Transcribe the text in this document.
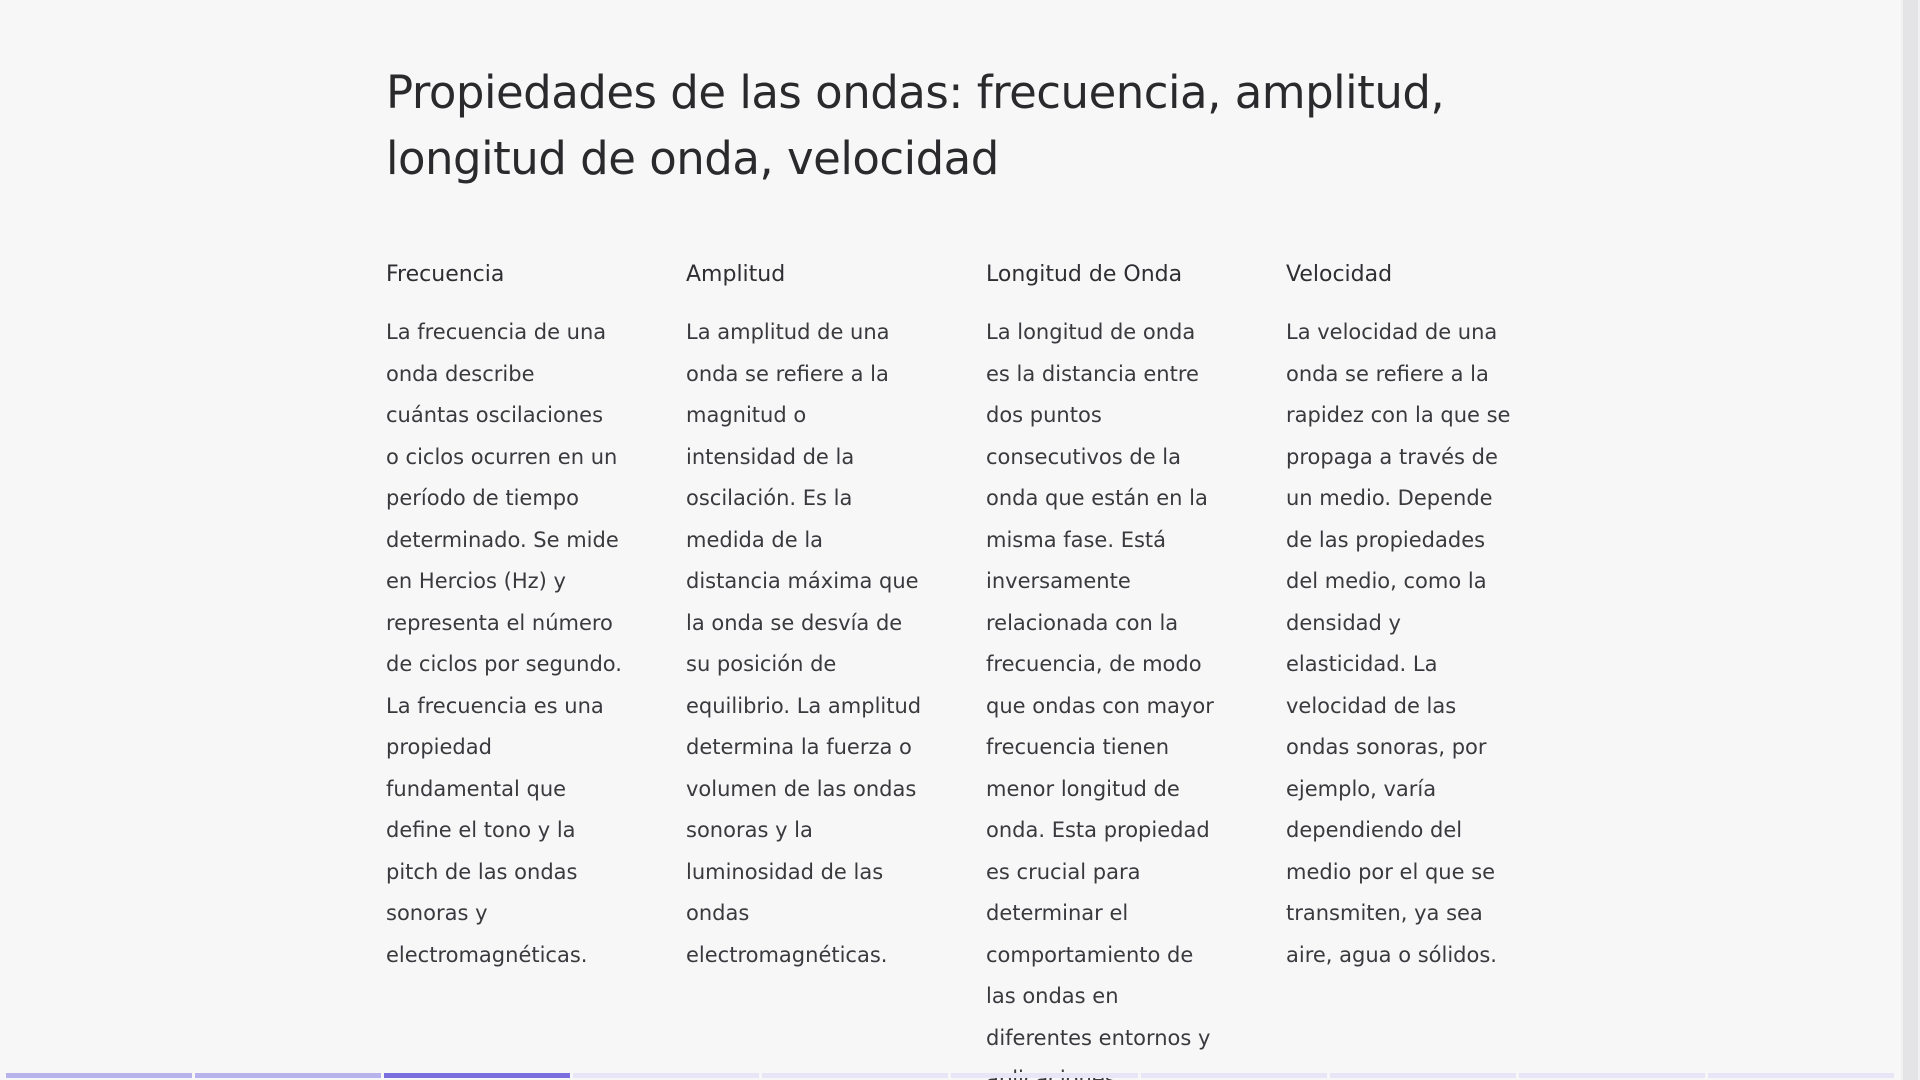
Propiedades de las ondas: frecuencia, amplitud, longitud de onda, velocidad
Frecuencia

La frecuencia de una onda describe cuántas oscilaciones o ciclos ocurren en un período de tiempo determinado. Se mide en Hercios (Hz) y representa el número de ciclos por segundo. La frecuencia es una propiedad fundamental que define el tono y la pitch de las ondas sonoras y electromagnéticas.

Amplitud

La amplitud de una onda se refiere a la magnitud o intensidad de la oscilación. Es la medida de la distancia máxima que la onda se desvía de su posición de equilibrio. La amplitud determina la fuerza o volumen de las ondas sonoras y la luminosidad de las ondas electromagnéticas.

Longitud de Onda

La longitud de onda es la distancia entre dos puntos consecutivos de la onda que están en la misma fase. Está inversamente relacionada con la frecuencia, de modo que ondas con mayor frecuencia tienen menor longitud de onda. Esta propiedad es crucial para determinar el comportamiento de las ondas en diferentes entornos y

Velocidad

La velocidad de una onda se refiere a la rapidez con la que se propaga a través de un medio. Depende de las propiedades del medio, como la densidad y elasticidad. La velocidad de las ondas sonoras, por ejemplo, varía dependiendo del medio por el que se transmiten, ya sea aire, agua o sólidos.
